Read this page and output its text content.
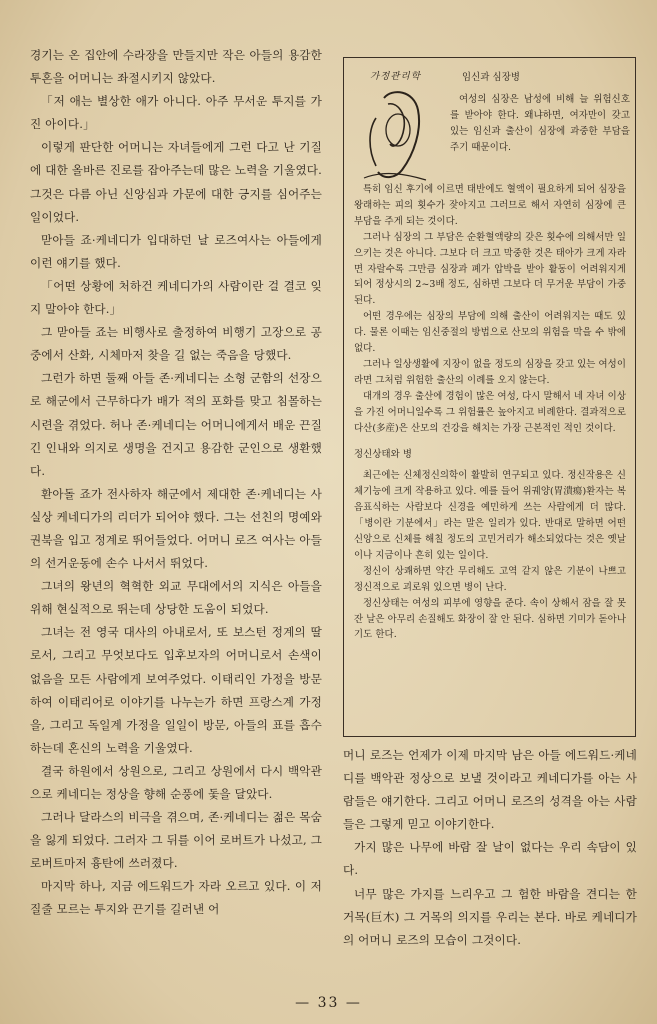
경기는 온 집안에 수라장을 만들지만 작은 아들의 용감한 투혼을 어머니는 좌절시키지 않았다.

「저 애는 별상한 애가 아니다. 아주 무서운 투지를 가진 아이다.」

이렇게 판단한 어머니는 자녀들에게 그런 다고 난 기질에 대한 올바른 진로를 잡아주는데 많은 노력을 기울였다. 그것은 다름 아닌 신앙심과 가문에 대한 긍지를 심어주는 일이었다.

맏아들 죠·케네디가 입대하던 날 로즈여사는 아들에게 이런 얘기를 했다.

「어떤 상황에 처하건 케네디가의 사람이란 걸 결코 잊지 말아야 한다.」

그 맏아들 죠는 비행사로 출정하여 비행기 고장으로 공중에서 산화, 시체마저 찾을 길 없는 죽음을 당했다.

그런가 하면 둘째 아들 존·케네디는 소형 군함의 선장으로 해군에서 근무하다가 배가 적의 포화를 맞고 침몰하는 시련을 겪었다. 허나 존·케네디는 어머니에게서 배운 끈질긴 인내와 의지로 생명을 건지고 용감한 군인으로 생환했다.

환아돌 죠가 전사하자 해군에서 제대한 존·케네디는 사실상 케네디가의 리더가 되어야 했다. 그는 선친의 명예와 권북을 입고 정계로 뛰어들었다. 어머니 로즈 여사는 아들의 선거운동에 손수 나서서 뛰었다.

그녀의 왕년의 혁혁한 외교 무대에서의 지식은 아들을 위해 현실적으로 뛰는데 상당한 도움이 되었다.

그녀는 전 영국 대사의 아내로서, 또 보스턴 정계의 딸로서, 그리고 무엇보다도 입후보자의 어머니로서 손색이 없음을 모든 사람에게 보여주었다. 이태리인 가정을 방문하여 이태리어로 이야기를 나누는가 하면 프랑스계 가정을, 그리고 독일계 가정을 일일이 방문, 아들의 표를 흡수하는데 혼신의 노력을 기울였다.

결국 하원에서 상원으로, 그리고 상원에서 다시 백악관으로 케네디는 정상을 향해 순풍에 돛을 달았다.

그러나 달라스의 비극을 겪으며, 존·케네디는 젊은 목숨을 잃게 되었다. 그러자 그 뒤를 이어 로버트가 나섰고, 그 로버트마저 흉탄에 쓰러졌다.

마지막 하나, 지금 에드워드가 자라 오르고 있다. 이 저질줄 모르는 투지와 끈기를 길러낸 어

가정관리학	임신과 심장병

여성의 심장은 남성에 비해 늘 위험신호를 받아야 한다. 왜냐하면, 여자만이 갖고 있는 임신과 출산이 심장에 과중한 부담을 주기 때문이다.

특히 임신 후기에 이르면 태반에도 혈액이 필요하게 되어 심장을 왕래하는 피의 횟수가 잦아지고 그러므로 해서 자연히 심장에 큰 부담을 주게 되는 것이다.

그러나 심장의 그 부담은 순환혈액량의 갖은 횟수에 의해서만 일으키는 것은 아니다. 그보다 더 크고 막중한 것은 태아가 크게 자라면 자랄수록 그만큼 심장과 폐가 압박을 받아 활동이 어려워지게 되어 정상시의 2~3배 정도, 심하면 그보다 더 무거운 부담이 가중된다.

어떤 경우에는 심장의 부담에 의해 출산이 어려워지는 때도 있다. 물론 이때는 임신중절의 방법으로 산모의 위험을 막을 수 밖에 없다.

그러나 일상생활에 지장이 없을 정도의 심장을 갖고 있는 여성이라면 그처럼 위험한 출산의 이례를 오지 않는다.

대개의 경우 출산에 경험이 많은 여성, 다시 말해서 네 자녀 이상을 가진 어머니일수록 그 위험률은 높아지고 비례한다. 결과적으로 다산(多産)은 산모의 건강을 해치는 가장 근본적인 적인 것이다.

정신상태와 병

최근에는 신체정신의학이 활발히 연구되고 있다. 정신작용은 신체기능에 크게 작용하고 있다. 예를 들어 위궤양(胃潰瘍)환자는 복음표식하는 사람보다 신경을 예민하게 쓰는 사람에게 더 많다. 「병이란 기분에서」라는 말은 일리가 있다. 반대로 말하면 어떤 신앙으로 신체를 해칠 정도의 고민거리가 해소되었다는 것은 옛날이나 지금이나 흔히 있는 일이다.

정신이 상쾌하면 약간 무리해도 고역 같지 않은 기분이 나쁘고 정신적으로 괴로워 있으면 병이 난다.

정신상태는 여성의 피부에 영향을 준다. 속이 상해서 잠을 잘 못 잔 날은 아무리 손질해도 화장이 잘 안 된다. 심하면 기미가 돋아나기도 한다.

머니 로즈는 언제가 이제 마지막 남은 아들 에드워드·케네디를 백악관 정상으로 보낼 것이라고 케네디가를 아는 사람들은 얘기한다. 그리고 어머니 로즈의 성격을 아는 사람들은 그렇게 믿고 이야기한다.

가지 많은 나무에 바람 잘 날이 없다는 우리 속담이 있다.

너무 많은 가지를 느리우고 그 험한 바람을 견디는 한 거목(巨木) 그 거목의 의지를 우리는 본다. 바로 케네디가의 어머니 로즈의 모습이 그것이다.

— 33 —
